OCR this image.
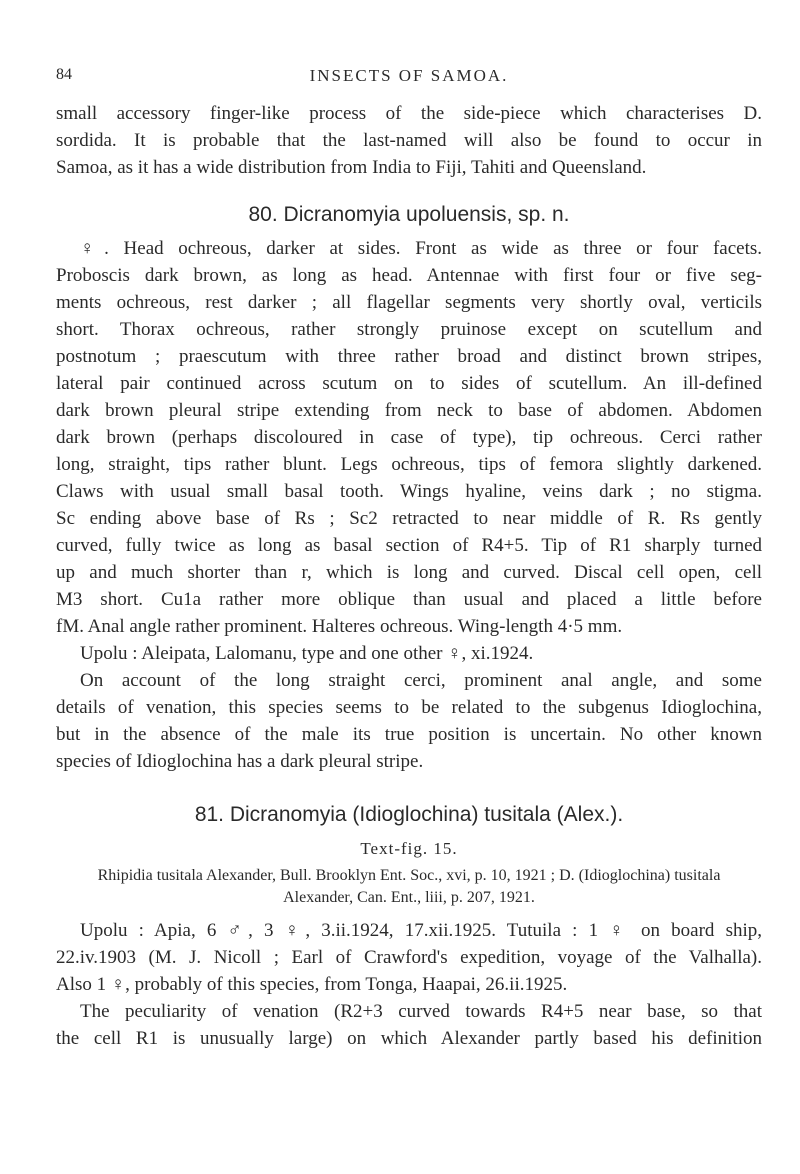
84	INSECTS OF SAMOA.

small accessory finger-like process of the side-piece which characterises D.
sordida. It is probable that the last-named will also be found to occur in
Samoa, as it has a wide distribution from India to Fiji, Tahiti and Queensland.

80. Dicranomyia upoluensis, sp. n.

♀. Head ochreous, darker at sides. Front as wide as three or four facets.
Proboscis dark brown, as long as head. Antennae with first four or five seg-
ments ochreous, rest darker ; all flagellar segments very shortly oval, verticils
short. Thorax ochreous, rather strongly pruinose except on scutellum and
postnotum ; praescutum with three rather broad and distinct brown stripes,
lateral pair continued across scutum on to sides of scutellum. An ill-defined
dark brown pleural stripe extending from neck to base of abdomen. Abdomen
dark brown (perhaps discoloured in case of type), tip ochreous. Cerci rather
long, straight, tips rather blunt. Legs ochreous, tips of femora slightly darkened.
Claws with usual small basal tooth. Wings hyaline, veins dark ; no stigma.
Sc ending above base of Rs ; Sc2 retracted to near middle of R. Rs gently
curved, fully twice as long as basal section of R4+5. Tip of R1 sharply turned
up and much shorter than r, which is long and curved. Discal cell open, cell
M3 short. Cu1a rather more oblique than usual and placed a little before
fM. Anal angle rather prominent. Halteres ochreous. Wing-length 4·5 mm.

Upolu : Aleipata, Lalomanu, type and one other ♀, xi.1924.

On account of the long straight cerci, prominent anal angle, and some
details of venation, this species seems to be related to the subgenus Idioglochina,
but in the absence of the male its true position is uncertain. No other known
species of Idioglochina has a dark pleural stripe.

81. Dicranomyia (Idioglochina) tusitala (Alex.).

Text-fig. 15.

Rhipidia tusitala Alexander, Bull. Brooklyn Ent. Soc., xvi, p. 10, 1921 ; D. (Idioglochina) tusitala
Alexander, Can. Ent., liii, p. 207, 1921.

Upolu : Apia, 6 ♂, 3 ♀, 3.ii.1924, 17.xii.1925. Tutuila : 1 ♀ on board ship,
22.iv.1903 (M. J. Nicoll ; Earl of Crawford's expedition, voyage of the Valhalla).
Also 1 ♀, probably of this species, from Tonga, Haapai, 26.ii.1925.

The peculiarity of venation (R2+3 curved towards R4+5 near base, so that
the cell R1 is unusually large) on which Alexander partly based his definition
